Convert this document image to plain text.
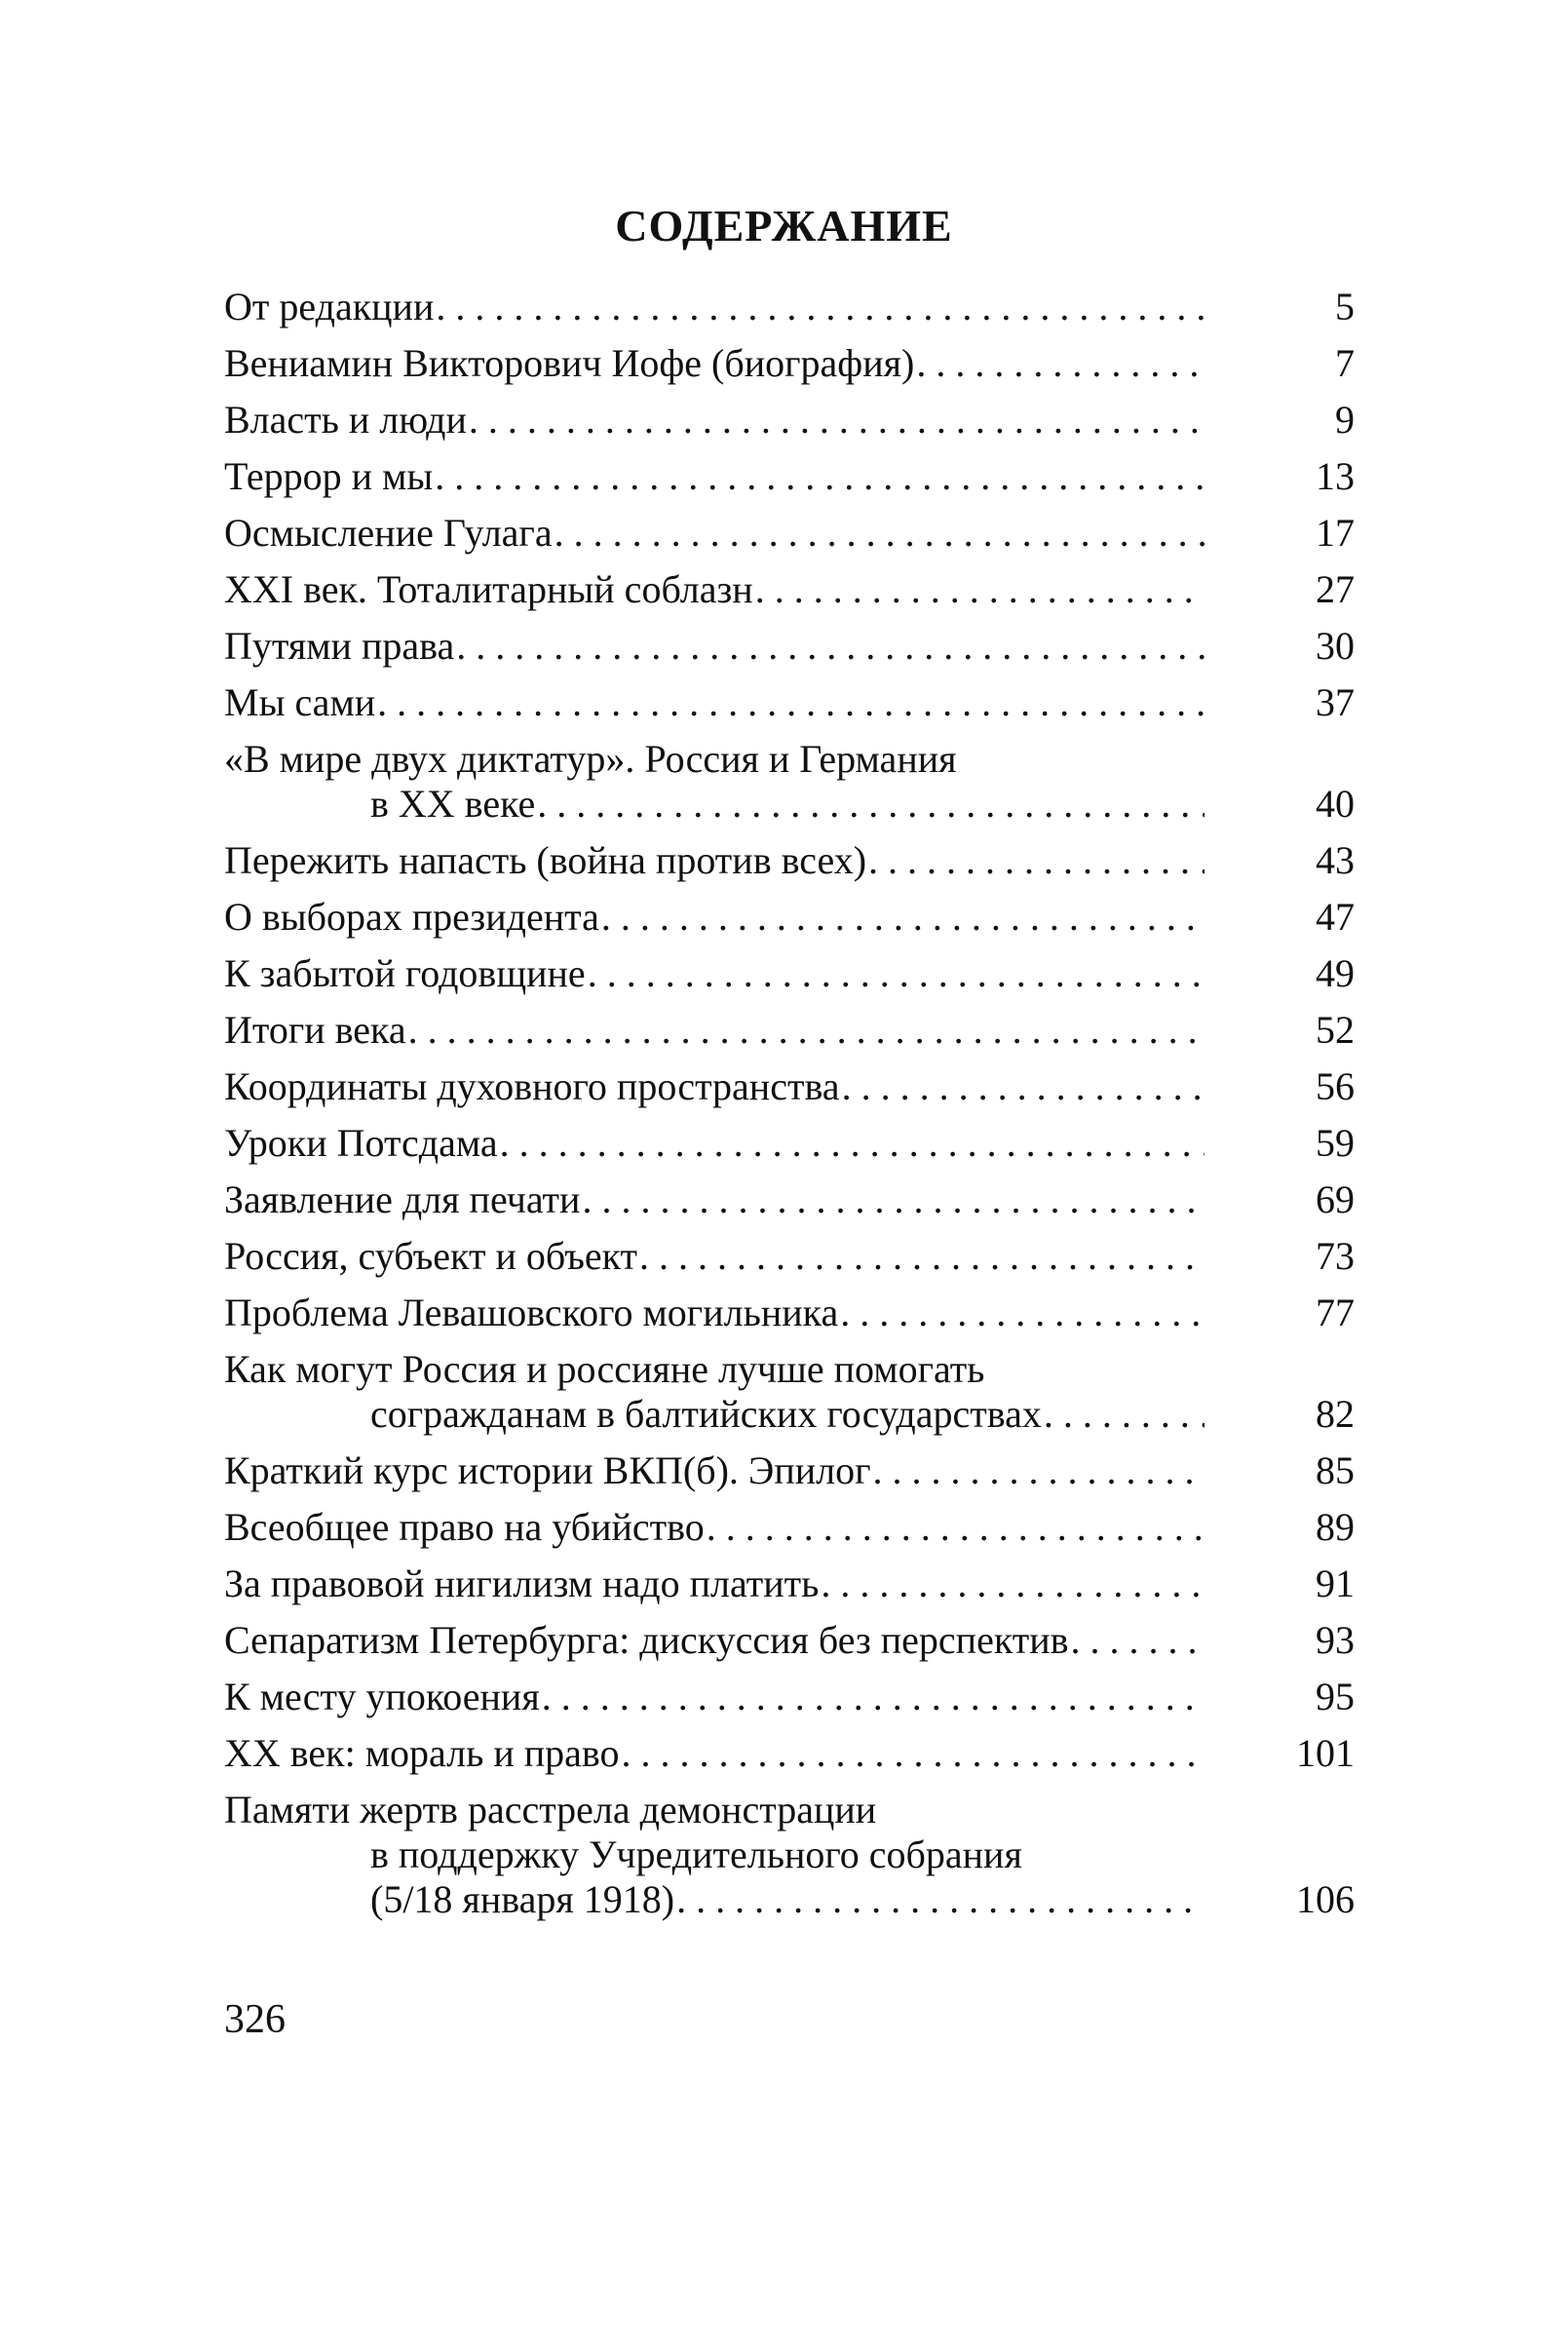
СОДЕРЖАНИЕ
От редакции . . .	5
Вениамин Викторович Иофе (биография) . . .	7
Власть и люди . . .	9
Террор и мы . . .	13
Осмысление Гулага . . .	17
XXI век. Тоталитарный соблазн . . .	27
Путями права . . .	30
Мы сами . . .	37
«В мире двух диктатур». Россия и Германия
в XX веке . . .	40
Пережить напасть (война против всех) . . .	43
О выборах президента . . .	47
К забытой годовщине . . .	49
Итоги века . . .	52
Координаты духовного пространства . . .	56
Уроки Потсдама . . .	59
Заявление для печати . . .	69
Россия, субъект и объект . . .	73
Проблема Левашовского могильника . . .	77
Как могут Россия и россияне лучше помогать
согражданам в балтийских государствах . . .	82
Краткий курс истории ВКП(б). Эпилог . . .	85
Всеобщее право на убийство . . .	89
За правовой нигилизм надо платить . . .	91
Сепаратизм Петербурга: дискуссия без перспектив . . .	93
К месту упокоения . . .	95
XX век: мораль и право . . .	101
Памяти жертв расстрела демонстрации
в поддержку Учредительного собрания
(5/18 января 1918) . . .	106
326
